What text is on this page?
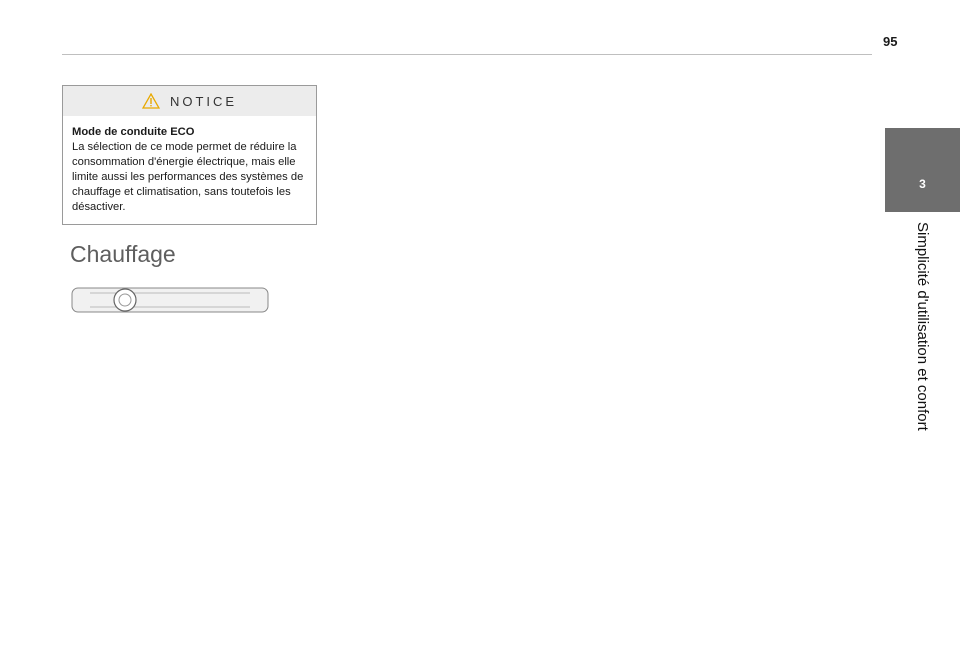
95
3
Simplicité d'utilisation et confort
NOTICE
Mode de conduite ECO
La sélection de ce mode permet de réduire la consommation d'énergie électrique, mais elle limite aussi les performances des systèmes de chauffage et climatisation, sans toutefois les désactiver.
Chauffage
